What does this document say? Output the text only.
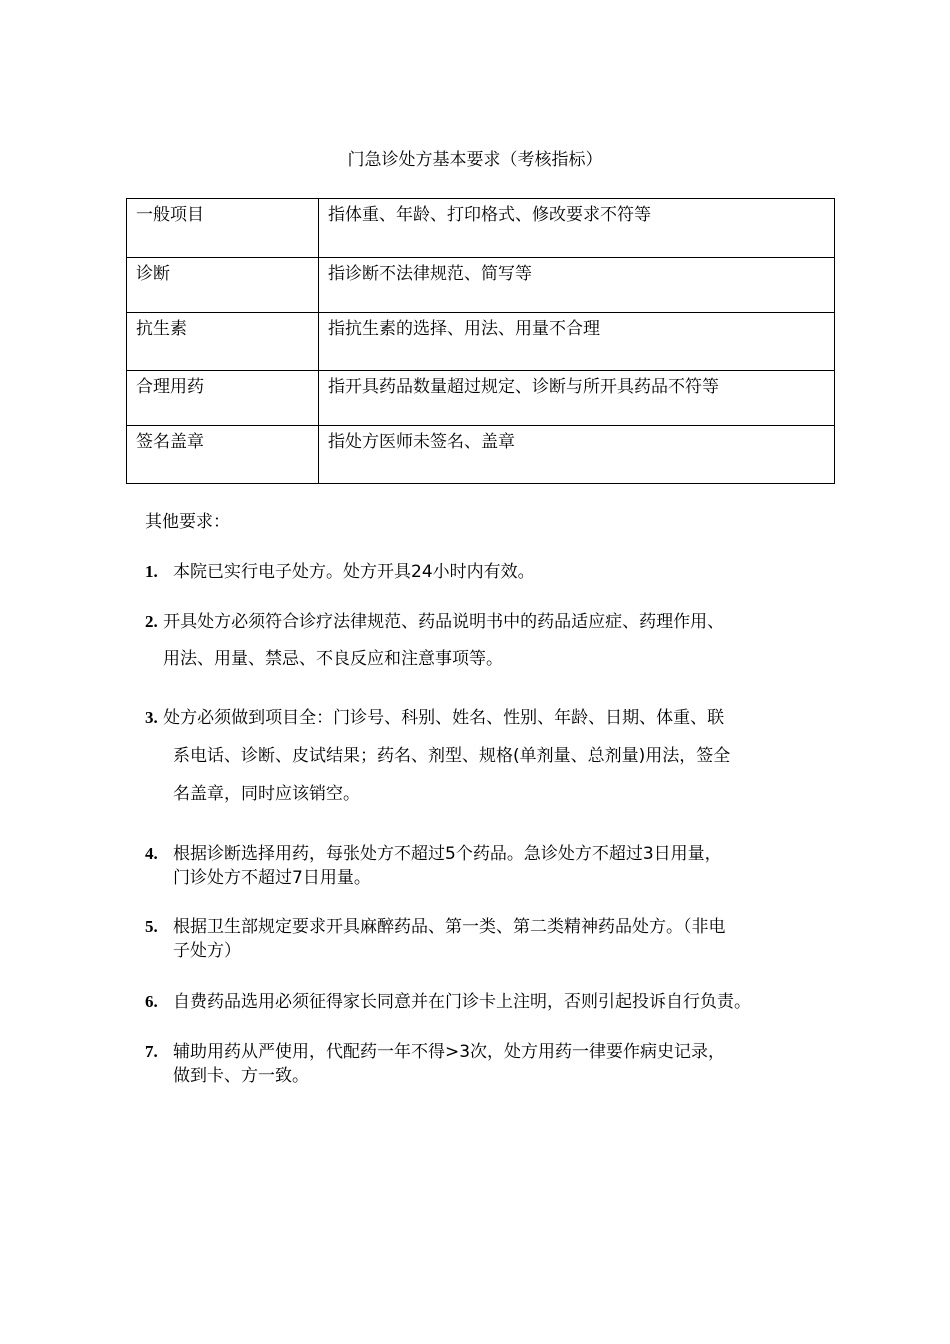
门急诊处方基本要求（考核指标）
一般项目	指体重、年龄、打印格式、修改要求不符等
诊断	指诊断不法律规范、简写等
抗生素	指抗生素的选择、用法、用量不合理
合理用药	指开具药品数量超过规定、诊断与所开具药品不符等
签名盖章	指处方医师未签名、盖章
其他要求：
1. 本院已实行电子处方。处方开具24小时内有效。
2. 开具处方必须符合诊疗法律规范、药品说明书中的药品适应症、药理作用、
用法、用量、禁忌、不良反应和注意事项等。
3. 处方必须做到项目全：门诊号、科别、姓名、性别、年龄、日期、体重、联
系电话、诊断、皮试结果；药名、剂型、规格(单剂量、总剂量)用法，签全
名盖章，同时应该销空。
4. 根据诊断选择用药，每张处方不超过5个药品。急诊处方不超过3日用量，
门诊处方不超过7日用量。
5. 根据卫生部规定要求开具麻醉药品、第一类、第二类精神药品处方。（非电
子处方）
6. 自费药品选用必须征得家长同意并在门诊卡上注明，否则引起投诉自行负责。
7. 辅助用药从严使用，代配药一年不得>3次，处方用药一律要作病史记录，
做到卡、方一致。
